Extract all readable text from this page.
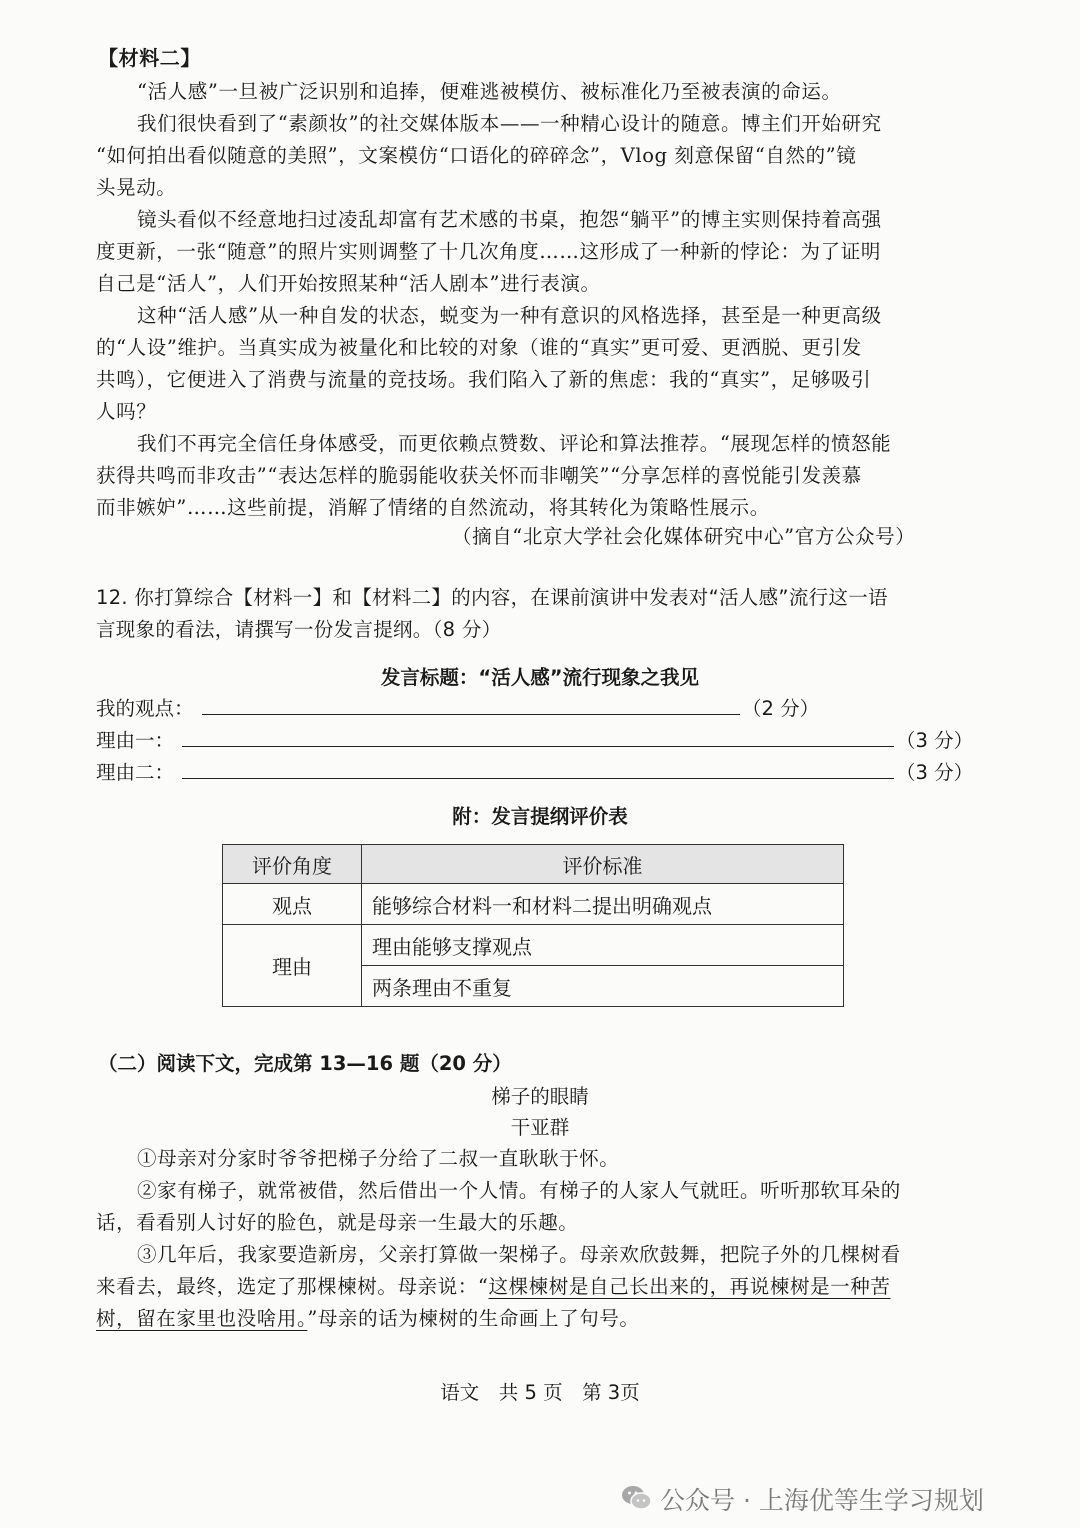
【材料二】
“活人感”一旦被广泛识别和追捧，便难逃被模仿、被标准化乃至被表演的命运。
我们很快看到了“素颜妆”的社交媒体版本——一种精心设计的随意。博主们开始研究
“如何拍出看似随意的美照”，文案模仿“口语化的碎碎念”，Vlog 刻意保留“自然的”镜
头晃动。
镜头看似不经意地扫过凌乱却富有艺术感的书桌，抱怨“躺平”的博主实则保持着高强
度更新，一张“随意”的照片实则调整了十几次角度……这形成了一种新的悖论：为了证明
自己是“活人”，人们开始按照某种“活人剧本”进行表演。
这种“活人感”从一种自发的状态，蜕变为一种有意识的风格选择，甚至是一种更高级
的“人设”维护。当真实成为被量化和比较的对象（谁的“真实”更可爱、更洒脱、更引发
共鸣），它便进入了消费与流量的竞技场。我们陷入了新的焦虑：我的“真实”，足够吸引
人吗？
我们不再完全信任身体感受，而更依赖点赞数、评论和算法推荐。“展现怎样的愤怒能
获得共鸣而非攻击”“表达怎样的脆弱能收获关怀而非嘲笑”“分享怎样的喜悦能引发羡慕
而非嫉妒”……这些前提，消解了情绪的自然流动，将其转化为策略性展示。
（摘自“北京大学社会化媒体研究中心”官方公众号）
12. 你打算综合【材料一】和【材料二】的内容，在课前演讲中发表对“活人感”流行这一语
言现象的看法，请撰写一份发言提纲。（8 分）
发言标题：“活人感”流行现象之我见
我的观点：	（2 分）
理由一：	（3 分）
理由二：	（3 分）
附：发言提纲评价表
评价角度	评价标准
观点	能够综合材料一和材料二提出明确观点
理由	理由能够支撑观点
	两条理由不重复
（二）阅读下文，完成第 13—16 题（20 分）
梯子的眼睛
干亚群
①母亲对分家时爷爷把梯子分给了二叔一直耿耿于怀。
②家有梯子，就常被借，然后借出一个人情。有梯子的人家人气就旺。听听那软耳朵的
话，看看别人讨好的脸色，就是母亲一生最大的乐趣。
③几年后，我家要造新房，父亲打算做一架梯子。母亲欢欣鼓舞，把院子外的几棵树看
来看去，最终，选定了那棵楝树。母亲说：“这棵楝树是自己长出来的，再说楝树是一种苦
树，留在家里也没啥用。”母亲的话为楝树的生命画上了句号。
语文　共 5 页　第 3页
公众号 · 上海优等生学习规划
